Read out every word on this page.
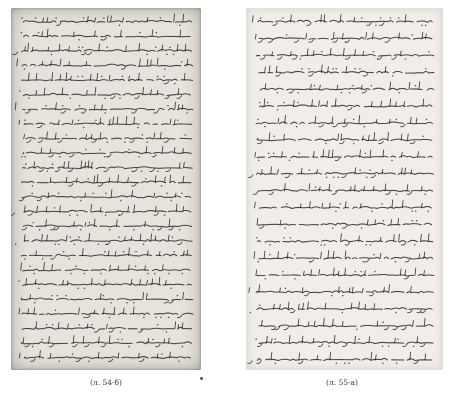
(л. 54-б)	(л. 55-а)
